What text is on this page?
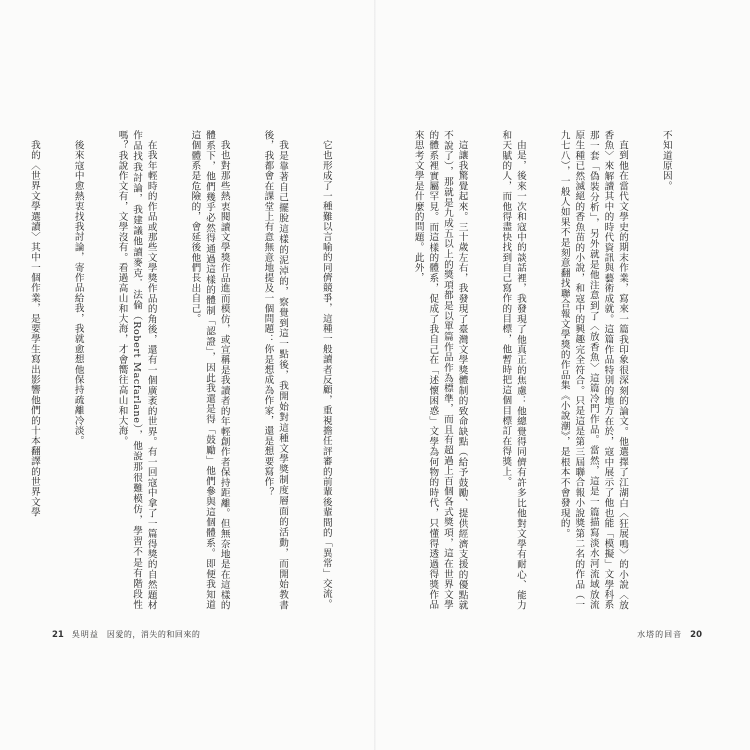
它也形成了一種難以言喻的同儕競爭，這種一般讀者反顧，重視擔任評審的前輩後輩間的「異常」交流。

我是靠著自己擺脫這樣的泥淖的，察覺到這一點後，我開始對這種文學獎制度層面的活動，而開始教書後，我都會在課堂上有意無意地提及一個問題：你是想成為作家，還是想要寫作？

我也對那些熱衷閱讀文學獎作品進而模仿，或宣稱是我讀者的年輕創作者保持距離。但無奈地是在這樣的體系下，他們幾乎必然得通過這樣的體制「認證」，因此我還是得「鼓勵」他們參與這個體系。即便我知道這個體系是危險的，會延後他們長出自己。

在我年輕時的作品或那些文學獎作品的角後，還有一個廣袤的世界。有一回寇中拿了一篇得獎的自然題材作品找我討論，我建議他讀麥克．法倫（Robert Macfarlane），他說那很難模仿，學習不是有階段性嗎？我說作文有，文學沒有。看過高山和大海，才會嚮往高山和大海。

後來寇中愈熱衷找我討論，寄作品給我，我就愈想他保持疏離冷淡。

我的〈世界文學選讀〉其中一個作業，是要學生寫出影響他們的十本翻譯的世界文學

	不知道原因。

直到他在當代文學史的期末作業，寫來一篇我印象很深刻的論文。他選擇了江湖白〈狂展鳴〉的小說〈放香魚〉來解讀其中的時代資訊與藝術成就。這篇作品特別的地方在於，寇中展示了他也能「模擬」文學科系那一套「偽裝分析」，另外就是他注意到了〈放香魚〉這篇冷門作品。當然，這是一篇描寫淡水河流域放流原生種已然滅絕的香魚苗的小說，和寇中的興趣完全符合。只是這是第三屆聯合報小說獎第二名的作品（一九七八），一般人如果不是刻意翻找聯合報文學獎的作品集《小說潮》，是根本不會發現的。

由是，後來一次和寇中的談話裡，我發現了他真正的焦慮：他總覺得同儕有許多比他對文學有耐心、能力和天賦的人，而他得盡快找到自己寫作的目標，他暫時把這個目標訂在得獎上。

這讓我驚覺起來。三十歲左右，我發現了臺灣文學獎體制的致命缺點（給予鼓勵、提供經濟支援的優點就不說了），那就是九成五以上的獎項都是以單篇作品作為標準，而且有超過上百個各式獎項，這在世界文學的體系裡實屬罕見。而這樣的體系，促成了我自己在「述懷困惑」文學為何物的時代，只懂得透過得獎作品來思考文學是什麼的問題。此外，

21 吳明益 因愛的，消失的和回來的	水塔的回音 20
